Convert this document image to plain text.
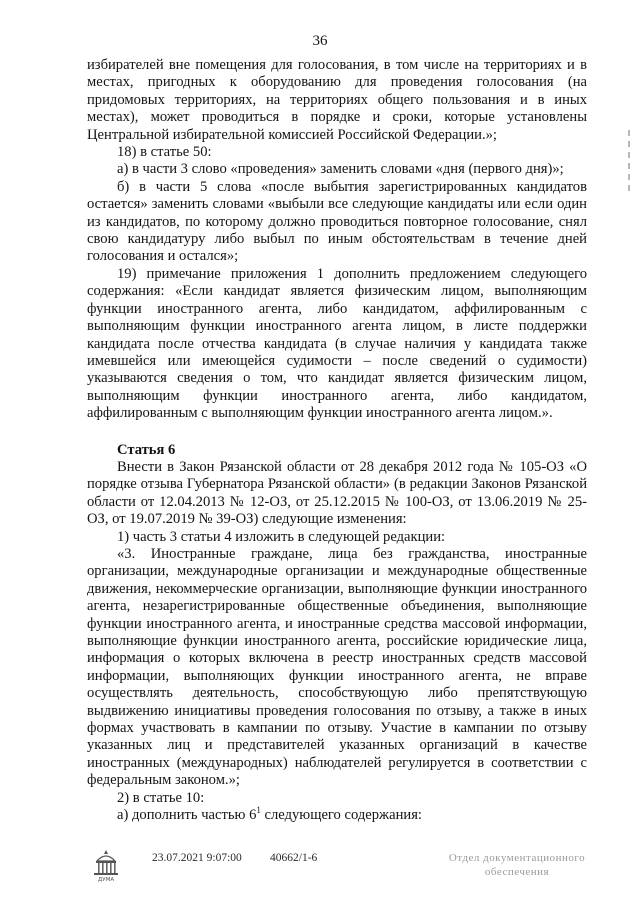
36

избирателей вне помещения для голосования, в том числе на территориях и в местах, пригодных к оборудованию для проведения голосования (на придомовых территориях, на территориях общего пользования и в иных местах), может проводиться в порядке и сроки, которые установлены Центральной избирательной комиссией Российской Федерации.»;

18) в статье 50:

а) в части 3 слово «проведения» заменить словами «дня (первого дня)»;

б) в части 5 слова «после выбытия зарегистрированных кандидатов остается» заменить словами «выбыли все следующие кандидаты или если один из кандидатов, по которому должно проводиться повторное голосование, снял свою кандидатуру либо выбыл по иным обстоятельствам в течение дней голосования и остался»;

19) примечание приложения 1 дополнить предложением следующего содержания: «Если кандидат является физическим лицом, выполняющим функции иностранного агента, либо кандидатом, аффилированным с выполняющим функции иностранного агента лицом, в листе поддержки кандидата после отчества кандидата (в случае наличия у кандидата также имевшейся или имеющейся судимости – после сведений о судимости) указываются сведения о том, что кандидат является физическим лицом, выполняющим функции иностранного агента, либо кандидатом, аффилированным с выполняющим функции иностранного агента лицом.».

Статья 6

Внести в Закон Рязанской области от 28 декабря 2012 года № 105-ОЗ «О порядке отзыва Губернатора Рязанской области» (в редакции Законов Рязанской области от 12.04.2013 № 12-ОЗ, от 25.12.2015 № 100-ОЗ, от 13.06.2019 № 25-ОЗ, от 19.07.2019 № 39-ОЗ) следующие изменения:

1) часть 3 статьи 4 изложить в следующей редакции:

«3. Иностранные граждане, лица без гражданства, иностранные организации, международные организации и международные общественные движения, некоммерческие организации, выполняющие функции иностранного агента, незарегистрированные общественные объединения, выполняющие функции иностранного агента, и иностранные средства массовой информации, выполняющие функции иностранного агента, российские юридические лица, информация о которых включена в реестр иностранных средств массовой информации, выполняющих функции иностранного агента, не вправе осуществлять деятельность, способствующую либо препятствующую выдвижению инициативы проведения голосования по отзыву, а также в иных формах участвовать в кампании по отзыву. Участие в кампании по отзыву указанных лиц и представителей указанных организаций в качестве иностранных (международных) наблюдателей регулируется в соответствии с федеральным законом.»;

2) в статье 10:

а) дополнить частью $6^1$ следующего содержания:

ДУМА
23.07.2021 9:07:00 40662/1-6	Отдел документационного обеспечения
